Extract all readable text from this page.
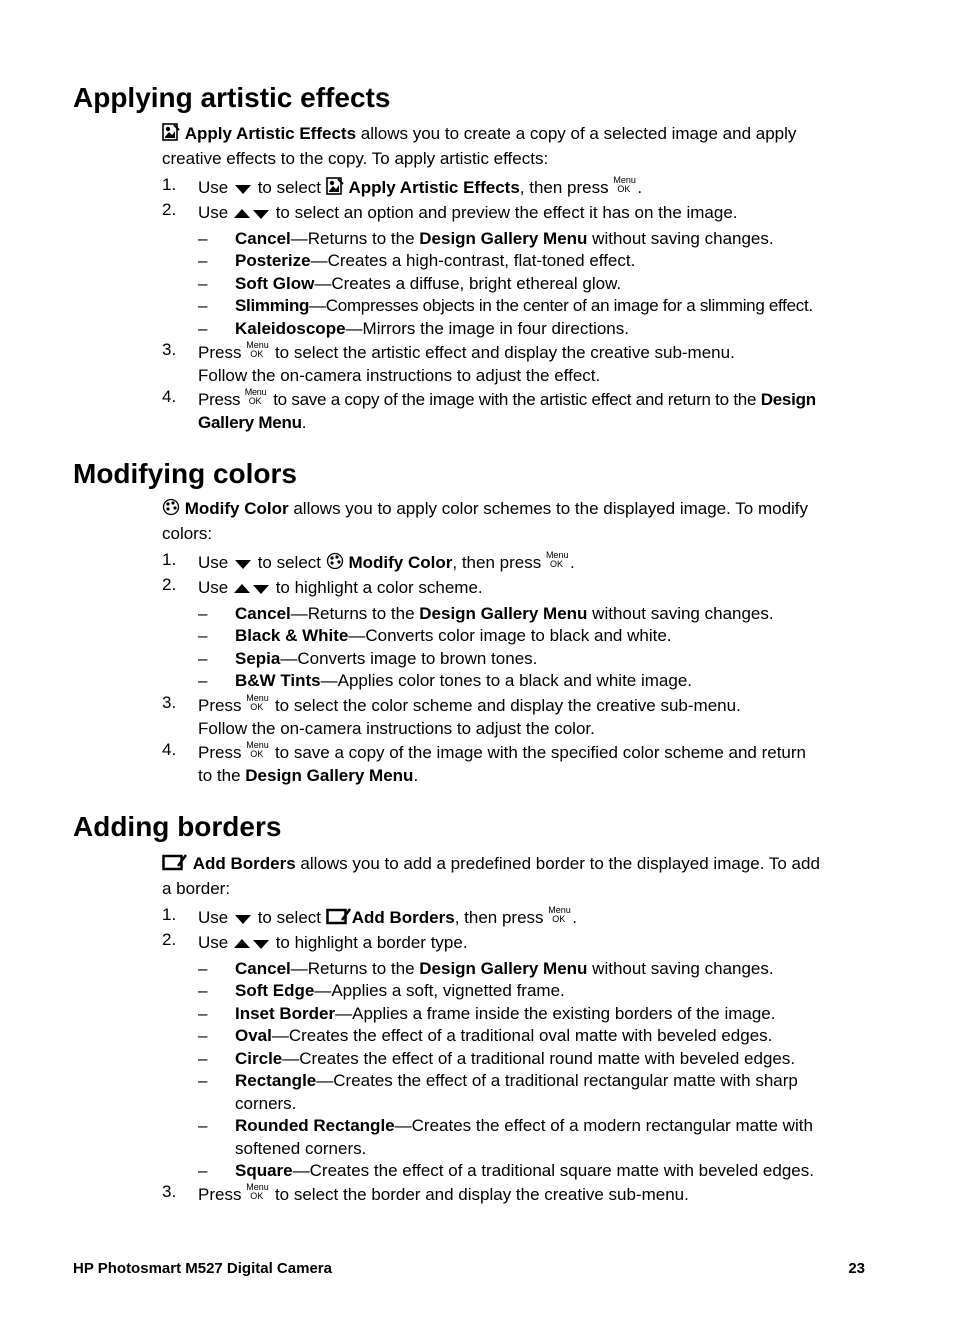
Applying artistic effects

Apply Artistic Effects allows you to create a copy of a selected image and apply
creative effects to the copy. To apply artistic effects:

1.	Use to select Apply Artistic Effects, then press Menu
OK .
2.	Use	to select an option and preview the effect it has on the image.
– Cancel—Returns to the Design Gallery Menu without saving changes.
– Posterize—Creates a high-contrast, flat-toned effect.
– Soft Glow—Creates a diffuse, bright ethereal glow.
– Slimming—Compresses objects in the center of an image for a slimming effect.
– Kaleidoscope—Mirrors the image in four directions.
3.	Press Menu
OK to select the artistic effect and display the creative sub-menu.
Follow the on-camera instructions to adjust the effect.
4.	Press Menu
OK to save a copy of the image with the artistic effect and return to the Design
Gallery Menu.
Modifying colors

Modify Color allows you to apply color schemes to the displayed image. To modify
colors:

1.	Use to select Modify Color, then press Menu
OK .
2.	Use	to highlight a color scheme.
– Cancel—Returns to the Design Gallery Menu without saving changes.
– Black & White—Converts color image to black and white.
– Sepia—Converts image to brown tones.
– B&W Tints—Applies color tones to a black and white image.
3.	Press Menu
OK to select the color scheme and display the creative sub-menu.
Follow the on-camera instructions to adjust the color.
4.	Press Menu
OK to save a copy of the image with the specified color scheme and return
to the Design Gallery Menu.
Adding borders

Add Borders allows you to add a predefined border to the displayed image. To add
a border:

1.	Use to select Add Borders, then press Menu
OK .
2.	Use	to highlight a border type.
– Cancel—Returns to the Design Gallery Menu without saving changes.
– Soft Edge—Applies a soft, vignetted frame.
– Inset Border—Applies a frame inside the existing borders of the image.
– Oval—Creates the effect of a traditional oval matte with beveled edges.
– Circle—Creates the effect of a traditional round matte with beveled edges.
– Rectangle—Creates the effect of a traditional rectangular matte with sharp
corners.
– Rounded Rectangle—Creates the effect of a modern rectangular matte with
softened corners.
– Square—Creates the effect of a traditional square matte with beveled edges.
3.	Press Menu
OK to select the border and display the creative sub-menu.
HP Photosmart M527 Digital Camera	23
